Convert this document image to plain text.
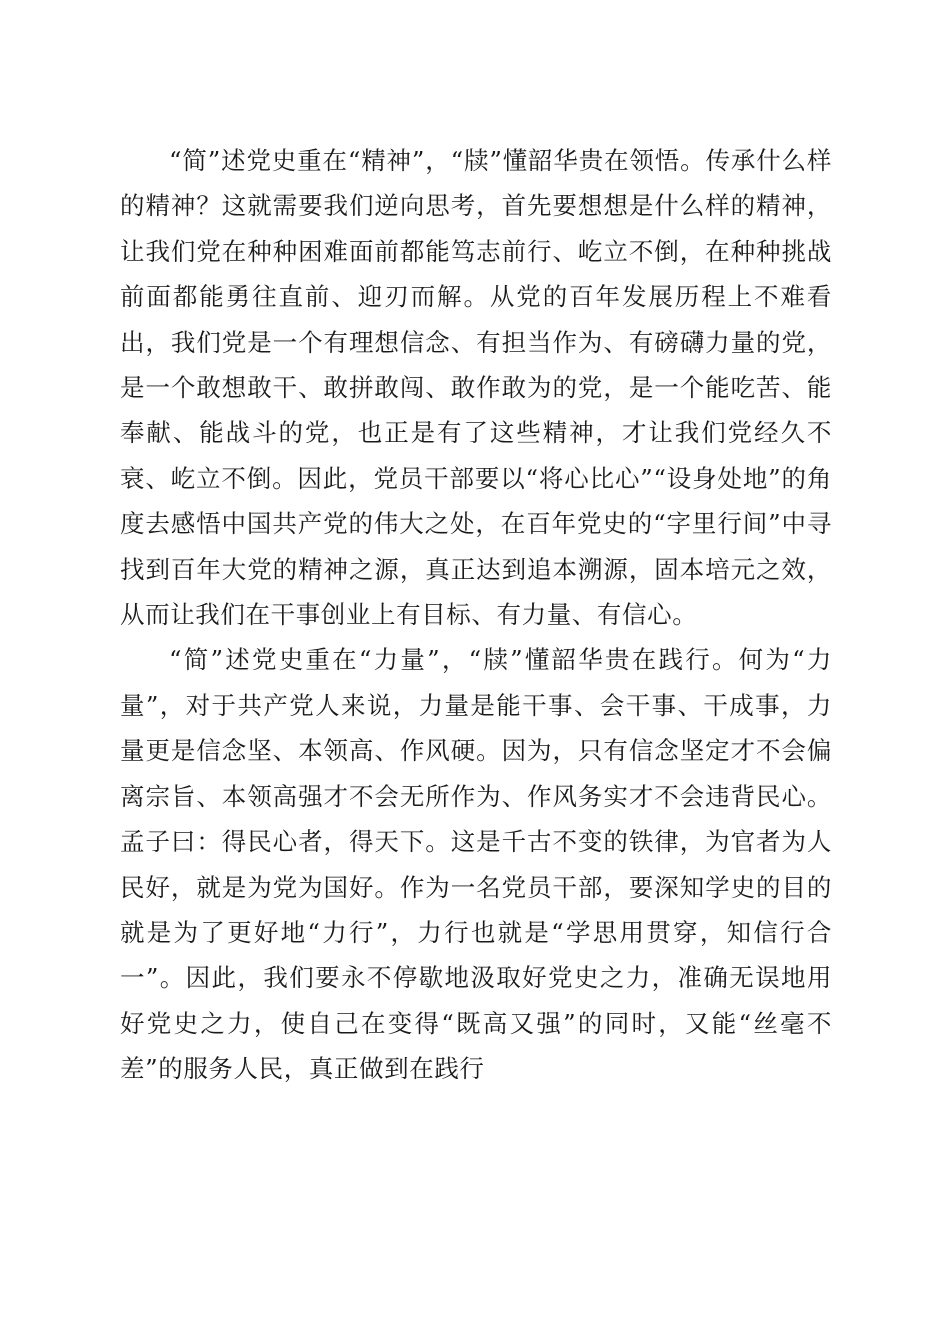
“简”述党史重在“精神”，“牍”懂韶华贵在领悟。传承什么样的精神？这就需要我们逆向思考，首先要想想是什么样的精神，让我们党在种种困难面前都能笃志前行、屹立不倒，在种种挑战前面都能勇往直前、迎刃而解。从党的百年发展历程上不难看出，我们党是一个有理想信念、有担当作为、有磅礴力量的党，是一个敢想敢干、敢拼敢闯、敢作敢为的党，是一个能吃苦、能奉献、能战斗的党，也正是有了这些精神，才让我们党经久不衰、屹立不倒。因此，党员干部要以“将心比心”“设身处地”的角度去感悟中国共产党的伟大之处，在百年党史的“字里行间”中寻找到百年大党的精神之源，真正达到追本溯源，固本培元之效，从而让我们在干事创业上有目标、有力量、有信心。

“简”述党史重在“力量”，“牍”懂韶华贵在践行。何为“力量”，对于共产党人来说，力量是能干事、会干事、干成事，力量更是信念坚、本领高、作风硬。因为，只有信念坚定才不会偏离宗旨、本领高强才不会无所作为、作风务实才不会违背民心。孟子曰：得民心者，得天下。这是千古不变的铁律，为官者为人民好，就是为党为国好。作为一名党员干部，要深知学史的目的就是为了更好地“力行”，力行也就是“学思用贯穿，知信行合一”。因此，我们要永不停歇地汲取好党史之力，准确无误地用好党史之力，使自己在变得“既高又强”的同时，又能“丝毫不差”的服务人民，真正做到在践行
